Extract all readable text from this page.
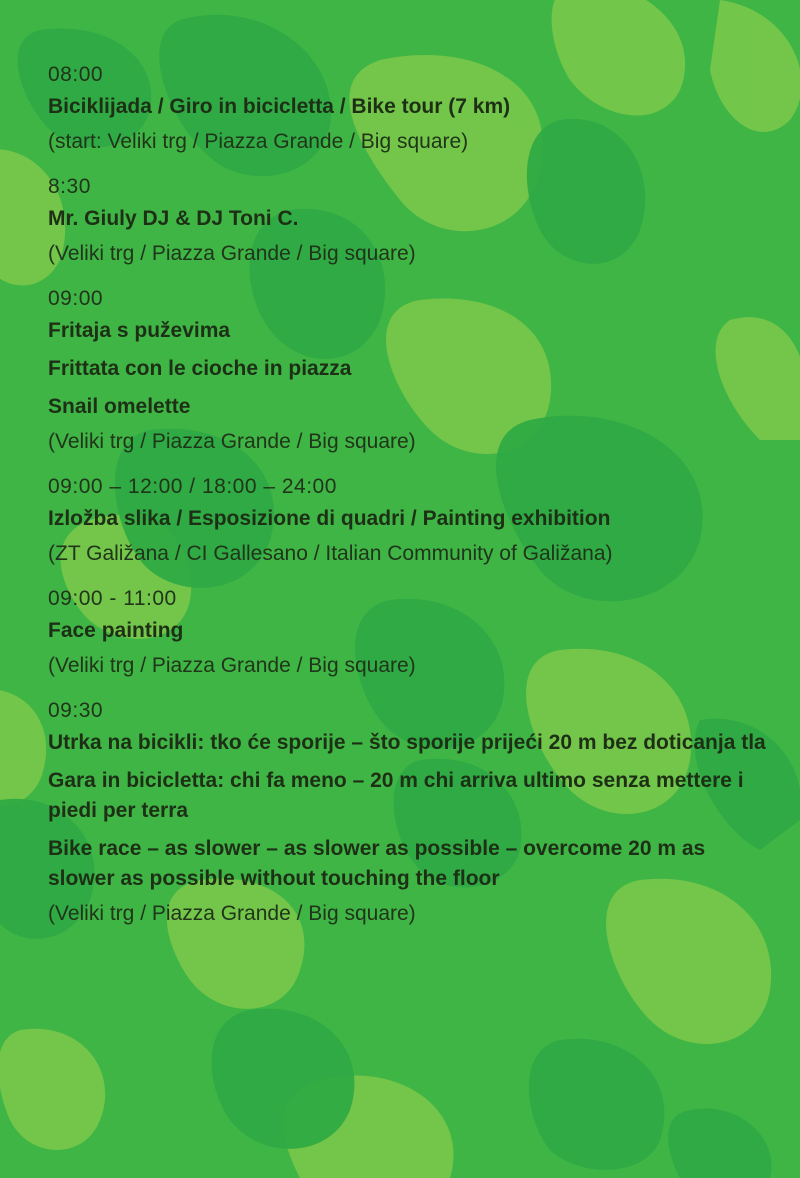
08:00
Biciklijada / Giro in bicicletta / Bike tour (7 km)
(start: Veliki trg / Piazza Grande / Big square)
8:30
Mr. Giuly DJ & DJ Toni C.
(Veliki trg / Piazza Grande / Big square)
09:00
Fritaja s puževima
Frittata con le cioche in piazza
Snail omelette
(Veliki trg / Piazza Grande / Big square)
09:00 – 12:00 / 18:00 – 24:00
Izložba slika / Esposizione di quadri / Painting exhibition
(ZT Galižana / CI Gallesano / Italian Community of Galižana)
09:00 - 11:00
Face painting
(Veliki trg / Piazza Grande / Big square)
09:30
Utrka na bicikli: tko će sporije – što sporije prijeći 20 m bez doticanja tla
Gara in bicicletta: chi fa meno – 20 m chi arriva ultimo senza mettere i piedi per terra
Bike race – as slower – as slower as possible – overcome 20 m as slower as possible without touching the floor
(Veliki trg / Piazza Grande / Big square)
